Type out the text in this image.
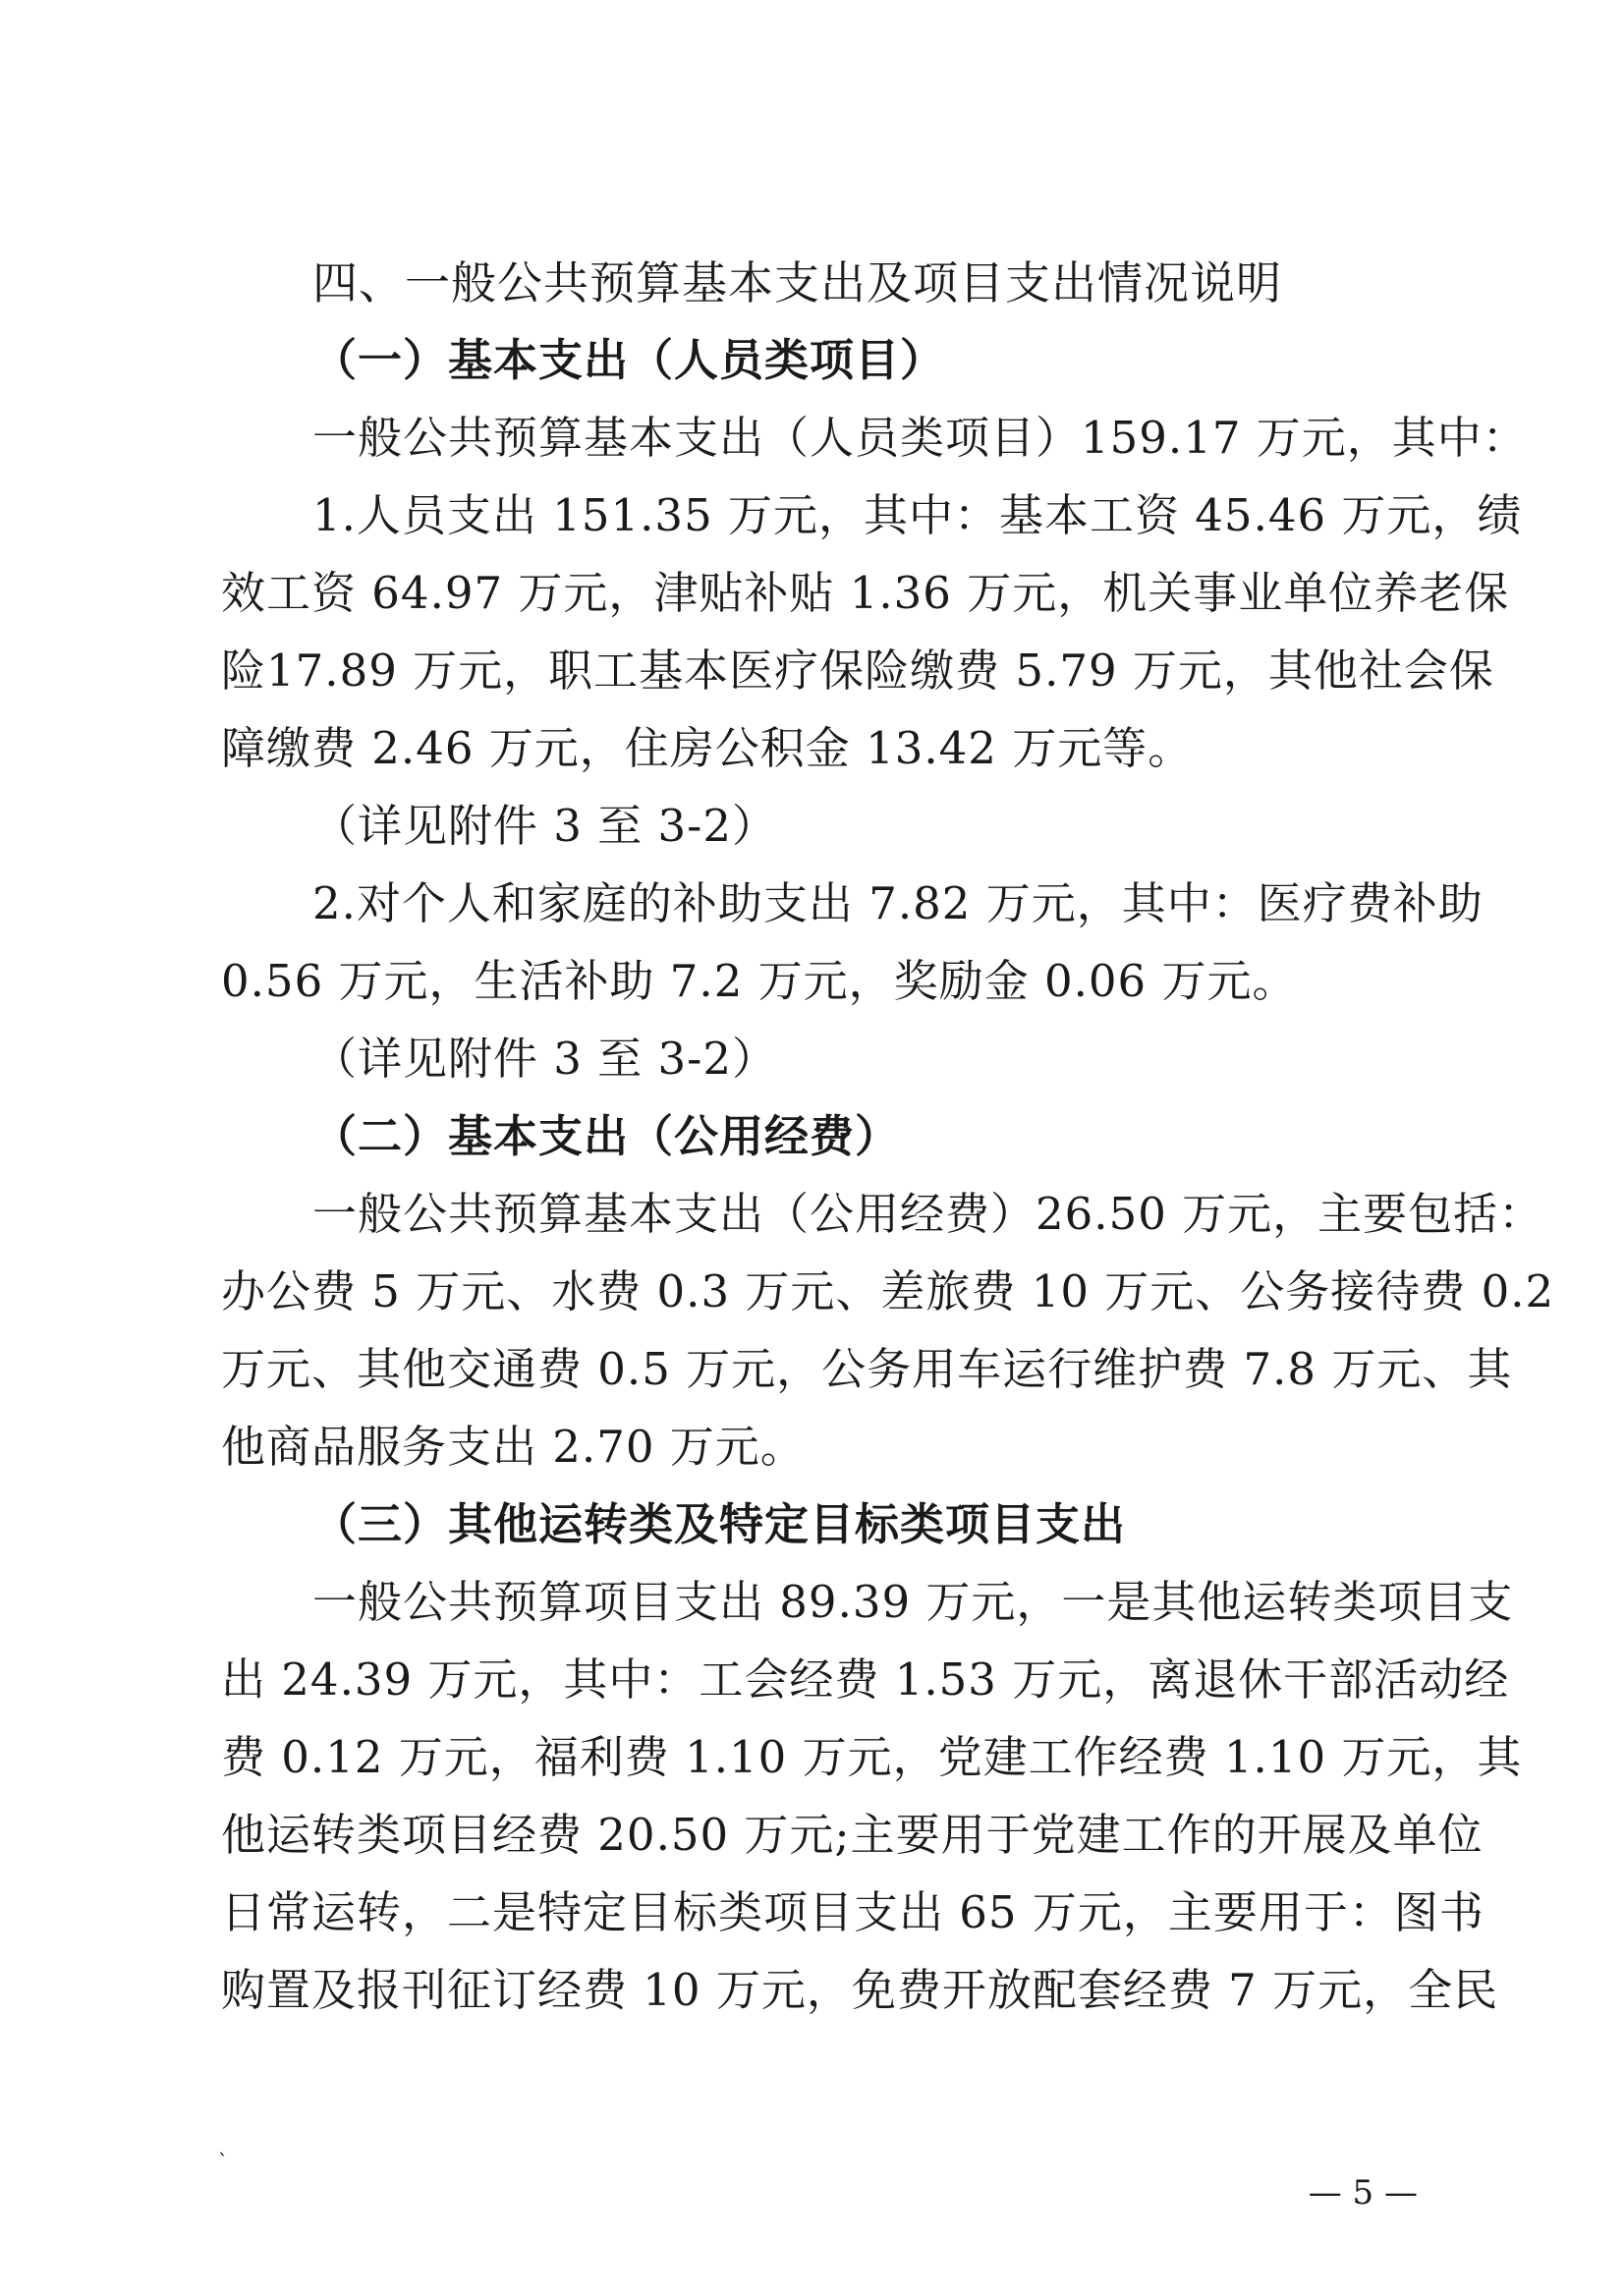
四、一般公共预算基本支出及项目支出情况说明
（一）基本支出（人员类项目）
一般公共预算基本支出（人员类项目）159.17 万元，其中：
1.人员支出 151.35 万元，其中：基本工资 45.46 万元，绩
效工资 64.97 万元，津贴补贴 1.36 万元，机关事业单位养老保
险17.89 万元，职工基本医疗保险缴费 5.79 万元，其他社会保
障缴费 2.46 万元，住房公积金 13.42 万元等。
（详见附件 3 至 3-2）
2.对个人和家庭的补助支出 7.82 万元，其中：医疗费补助
0.56 万元，生活补助 7.2 万元，奖励金 0.06 万元。
（详见附件 3 至 3-2）
（二）基本支出（公用经费）
一般公共预算基本支出（公用经费）26.50 万元，主要包括：
办公费 5 万元、水费 0.3 万元、差旅费 10 万元、公务接待费 0.2
万元、其他交通费 0.5 万元，公务用车运行维护费 7.8 万元、其
他商品服务支出 2.70 万元。
（三）其他运转类及特定目标类项目支出
一般公共预算项目支出 89.39 万元，一是其他运转类项目支
出 24.39 万元，其中：工会经费 1.53 万元，离退休干部活动经
费 0.12 万元，福利费 1.10 万元，党建工作经费 1.10 万元，其
他运转类项目经费 20.50 万元;主要用于党建工作的开展及单位
日常运转，二是特定目标类项目支出 65 万元，主要用于：图书
购置及报刊征订经费 10 万元，免费开放配套经费 7 万元，全民
`
— 5 —
